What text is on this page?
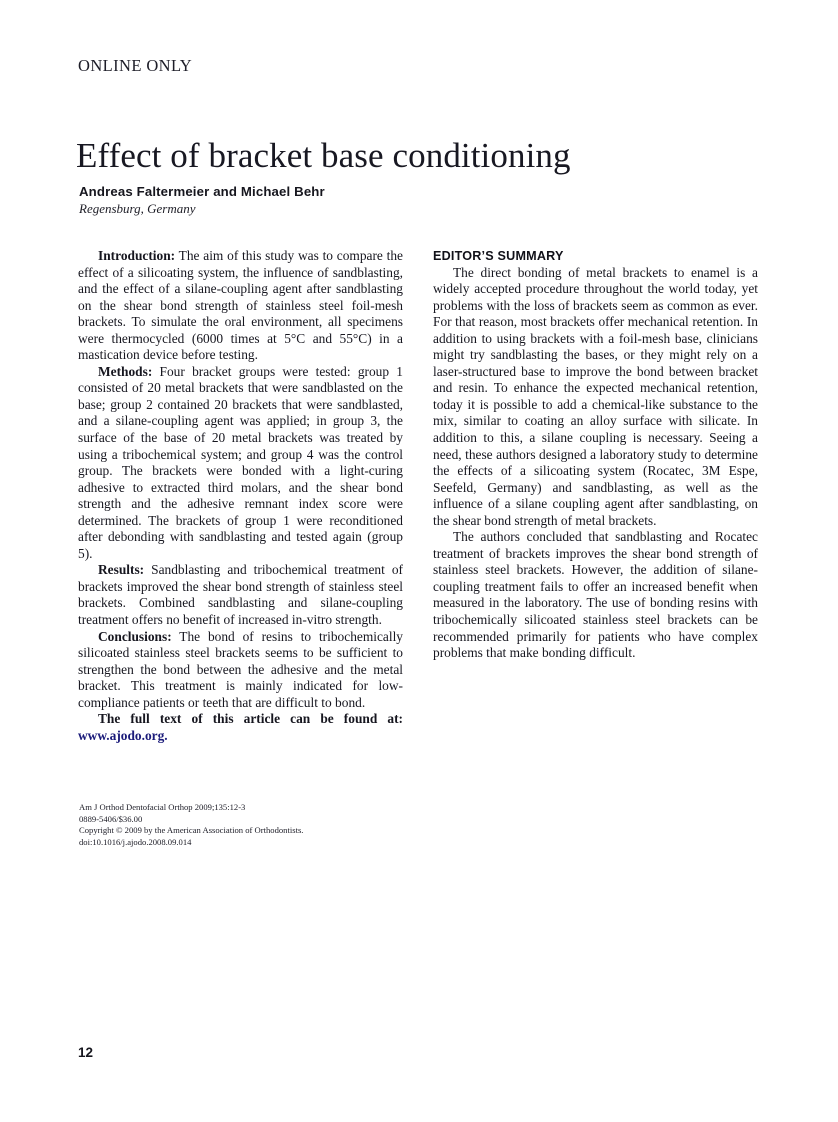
ONLINE ONLY
Effect of bracket base conditioning
Andreas Faltermeier and Michael Behr
Regensburg, Germany

Introduction: The aim of this study was to compare the effect of a silicoating system, the influence of sandblasting, and the effect of a silane-coupling agent after sandblasting on the shear bond strength of stainless steel foil-mesh brackets. To simulate the oral environment, all specimens were thermocycled (6000 times at 5°C and 55°C) in a mastication device before testing.

Methods: Four bracket groups were tested: group 1 consisted of 20 metal brackets that were sandblasted on the base; group 2 contained 20 brackets that were sandblasted, and a silane-coupling agent was applied; in group 3, the surface of the base of 20 metal brackets was treated by using a tribochemical system; and group 4 was the control group. The brackets were bonded with a light-curing adhesive to extracted third molars, and the shear bond strength and the adhesive remnant index score were determined. The brackets of group 1 were reconditioned after debonding with sandblasting and tested again (group 5).

Results: Sandblasting and tribochemical treatment of brackets improved the shear bond strength of stainless steel brackets. Combined sandblasting and silane-coupling treatment offers no benefit of increased in-vitro strength.

Conclusions: The bond of resins to tribochemically silicoated stainless steel brackets seems to be sufficient to strengthen the bond between the adhesive and the metal bracket. This treatment is mainly indicated for low-compliance patients or teeth that are difficult to bond.

The full text of this article can be found at: www.ajodo.org.

Am J Orthod Dentofacial Orthop 2009;135:12-3
0889-5406/$36.00
Copyright © 2009 by the American Association of Orthodontists.
doi:10.1016/j.ajodo.2008.09.014

EDITOR’S SUMMARY

The direct bonding of metal brackets to enamel is a widely accepted procedure throughout the world today, yet problems with the loss of brackets seem as common as ever. For that reason, most brackets offer mechanical retention. In addition to using brackets with a foil-mesh base, clinicians might try sandblasting the bases, or they might rely on a laser-structured base to improve the bond between bracket and resin. To enhance the expected mechanical retention, today it is possible to add a chemical-like substance to the mix, similar to coating an alloy surface with silicate. In addition to this, a silane coupling is necessary. Seeing a need, these authors designed a laboratory study to determine the effects of a silicoating system (Rocatec, 3M Espe, Seefeld, Germany) and sandblasting, as well as the influence of a silane coupling agent after sandblasting, on the shear bond strength of metal brackets.

The authors concluded that sandblasting and Rocatec treatment of brackets improves the shear bond strength of stainless steel brackets. However, the addition of silane-coupling treatment fails to offer an increased benefit when measured in the laboratory. The use of bonding resins with tribochemically silicoated stainless steel brackets can be recommended primarily for patients who have complex problems that make bonding difficult.

12
